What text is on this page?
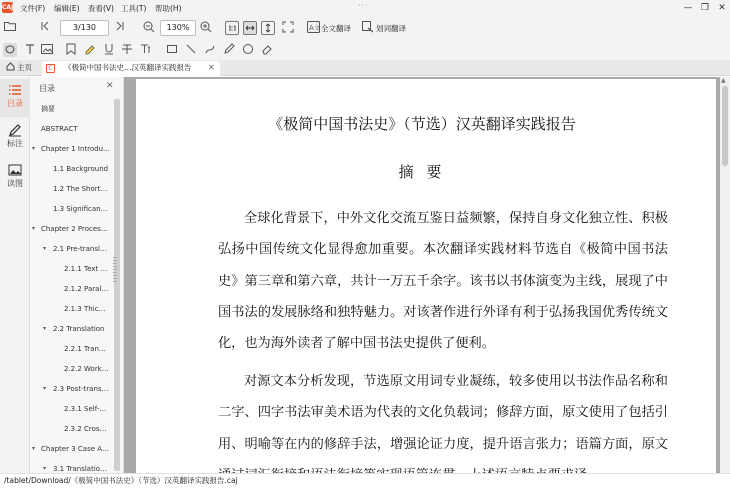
CAJ 文件(F) 编辑(E) 查看(V) 工具(T) 帮助(H)	···	— ❐	✕
3/130	130%	A 文 全文翻译	划词翻译
主页	C	《极简中国书法史…汉英翻译实践报告 ✕
目录
标注
读图
目录	✕
摘要
ABSTRACT
▾ Chapter 1 Introdu…
1.1 Background
1.2 The Short…
1.3 Significan…
▾ Chapter 2 Proces…
▾ 2.1 Pre-transl…
2.1.1 Text …
2.1.2 Paral…
2.1.3 Thic…
▾ 2.2 Translation
2.2.1 Tran…
2.2.2 Work…
▾ 2.3 Post-trans…
2.3.1 Self-…
2.3.2 Cros…
▾ Chapter 3 Case A…
▾ 3.1 Translatio…
《极简中国书法史》（节选）汉英翻译实践报告
摘 要

全球化背景下，中外文化交流互鉴日益频繁，保持自身文化独立性、积极弘扬中国传统文化显得愈加重要。本次翻译实践材料节选自《极简中国书法史》第三章和第六章，共计一万五千余字。该书以书体演变为主线，展现了中国书法的发展脉络和独特魅力。对该著作进行外译有利于弘扬我国优秀传统文化，也为海外读者了解中国书法史提供了便利。

对源文本分析发现，节选原文用词专业凝练，较多使用以书法作品名称和二字、四字书法审美术语为代表的文化负载词；修辞方面，原文使用了包括引用、明喻等在内的修辞手法，增强论证力度，提升语言张力；语篇方面，原文

▲
/tablet/Download/《极简中国书法史》（节选）汉英翻译实践报告.caj
